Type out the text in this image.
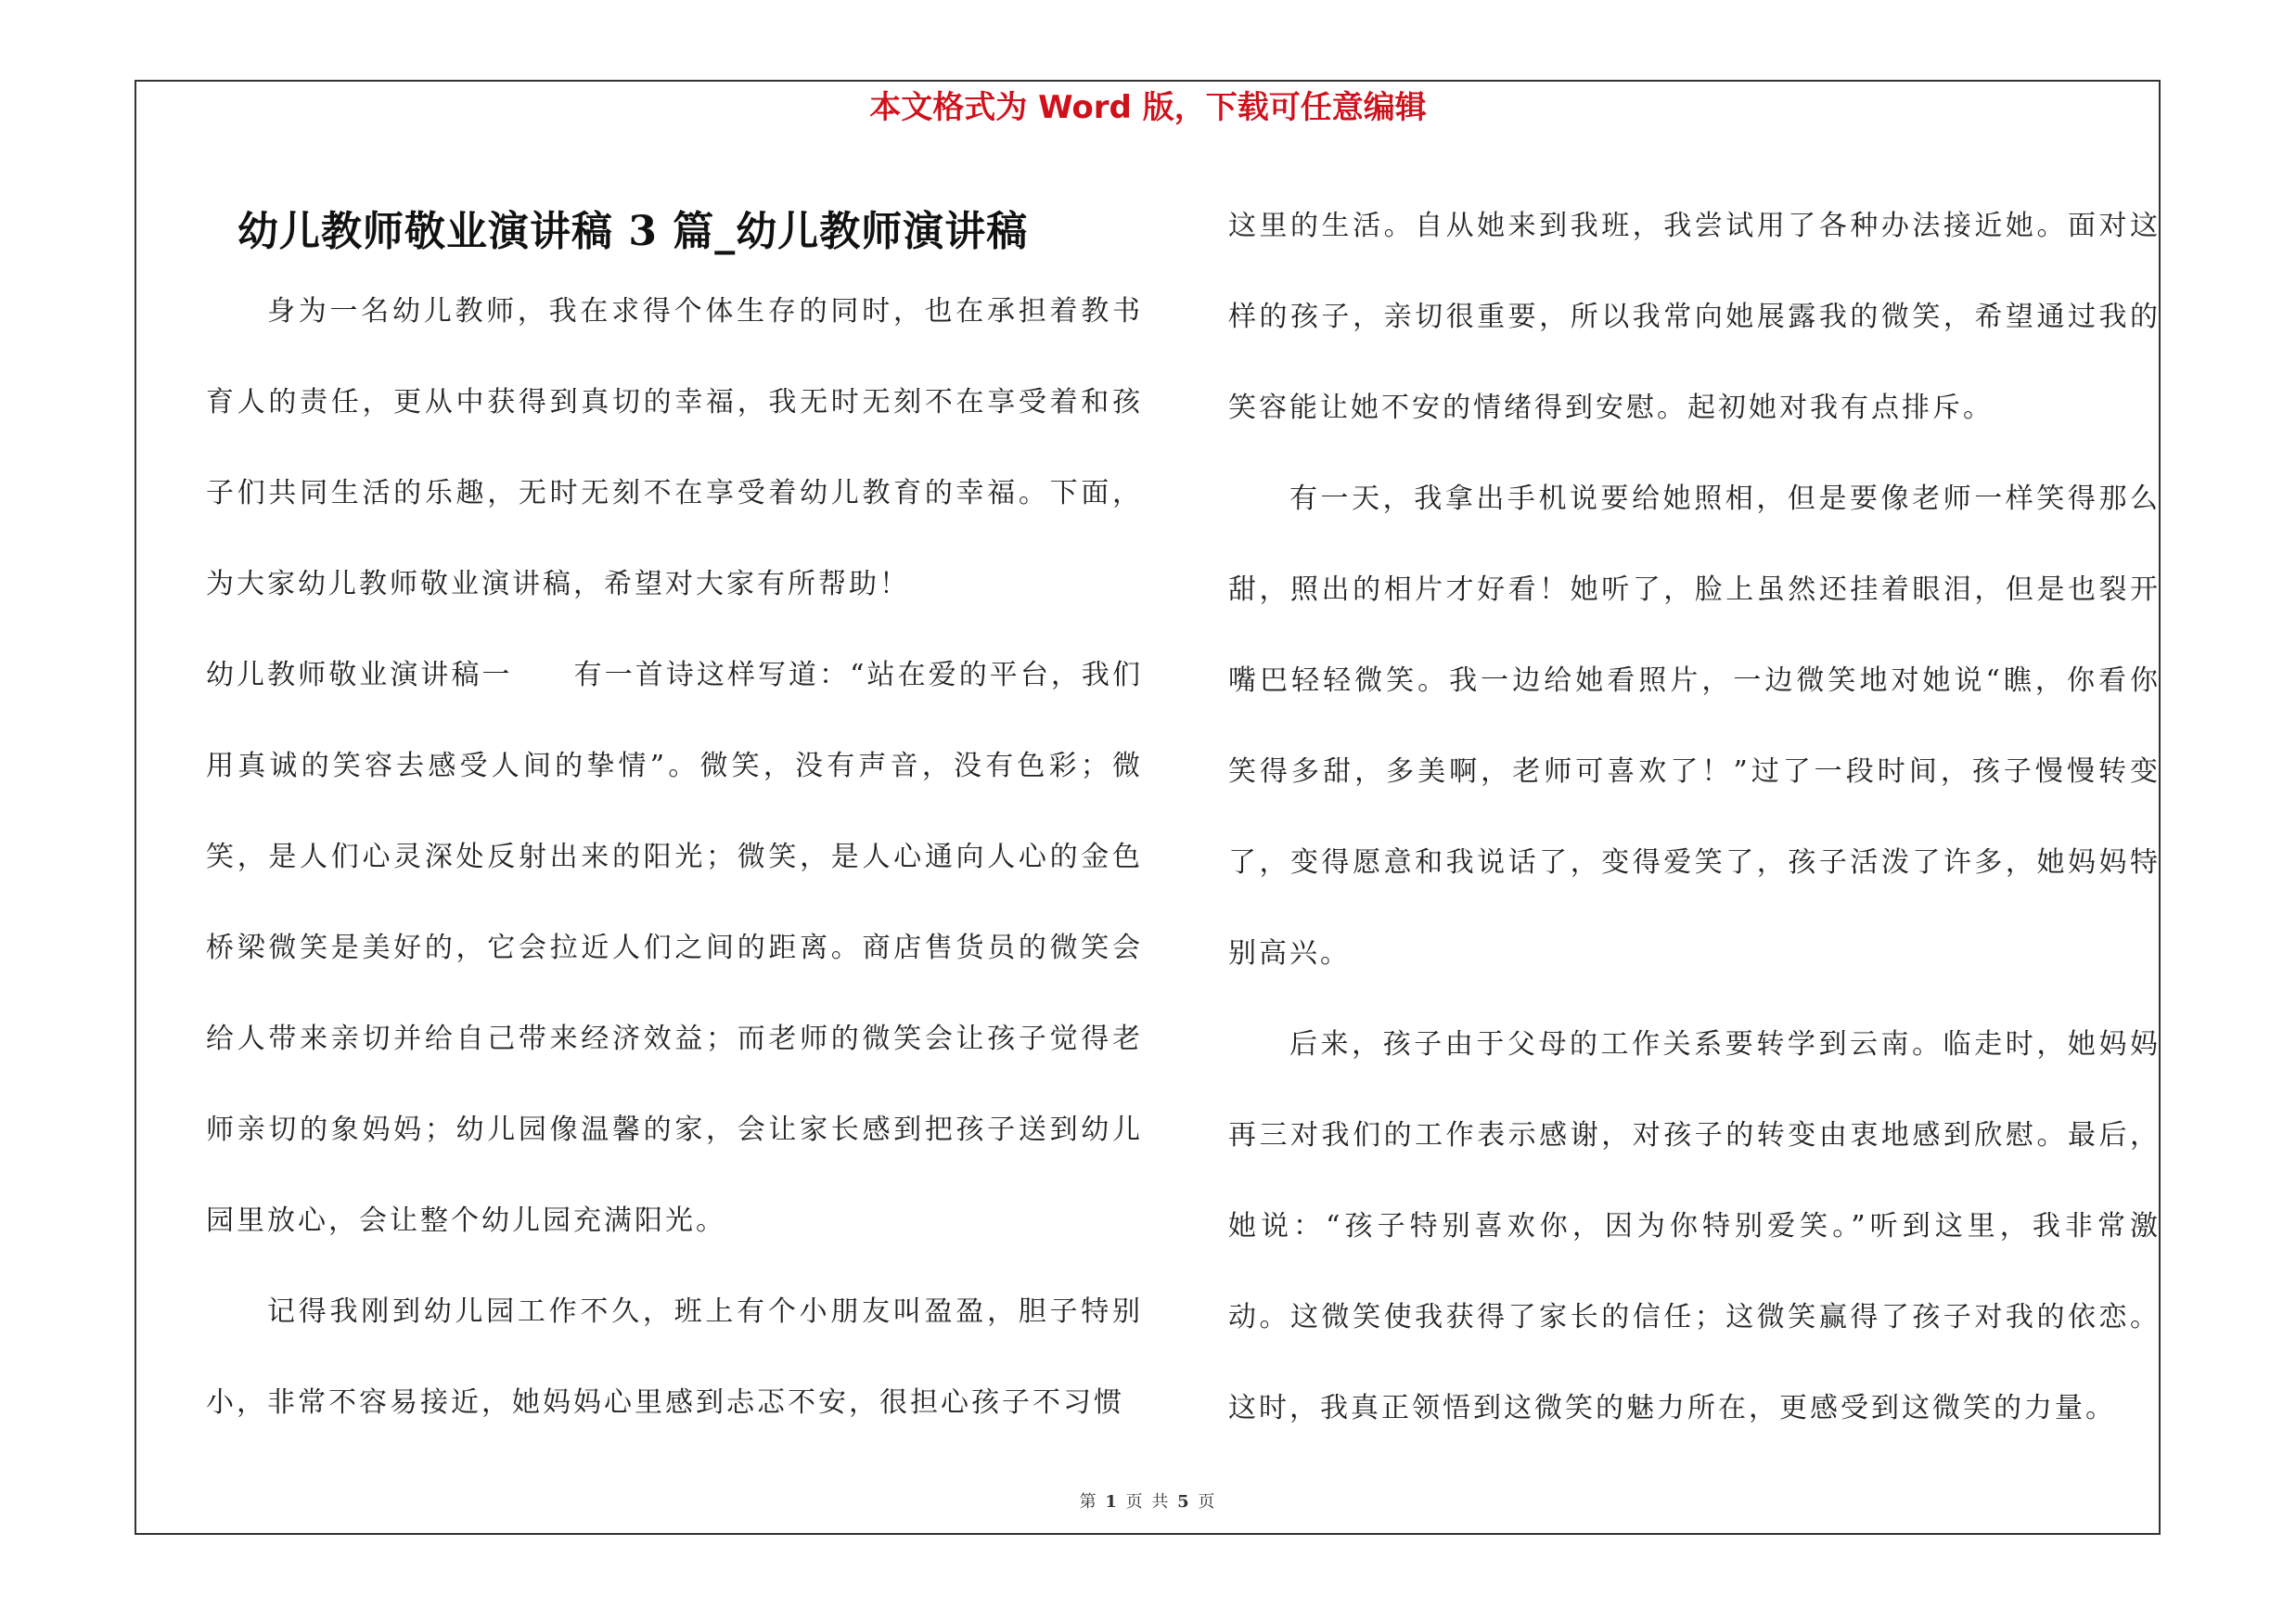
本文格式为 Word 版，下载可任意编辑
幼儿教师敬业演讲稿 3 篇_幼儿教师演讲稿

身为一名幼儿教师，我在求得个体生存的同时，也在承担着教书育人的责任，更从中获得到真切的幸福，我无时无刻不在享受着和孩子们共同生活的乐趣，无时无刻不在享受着幼儿教育的幸福。下面，为大家幼儿教师敬业演讲稿，希望对大家有所帮助！

幼儿教师敬业演讲稿一　　有一首诗这样写道：“站在爱的平台，我们用真诚的笑容去感受人间的挚情”。微笑，没有声音，没有色彩；微笑，是人们心灵深处反射出来的阳光；微笑，是人心通向人心的金色桥梁微笑是美好的，它会拉近人们之间的距离。商店售货员的微笑会给人带来亲切并给自己带来经济效益；而老师的微笑会让孩子觉得老师亲切的象妈妈；幼儿园像温馨的家，会让家长感到把孩子送到幼儿园里放心，会让整个幼儿园充满阳光。

记得我刚到幼儿园工作不久，班上有个小朋友叫盈盈，胆子特别小，非常不容易接近，她妈妈心里感到忐忑不安，很担心孩子不习惯

这里的生活。自从她来到我班，我尝试用了各种办法接近她。面对这样的孩子，亲切很重要，所以我常向她展露我的微笑，希望通过我的笑容能让她不安的情绪得到安慰。起初她对我有点排斥。

有一天，我拿出手机说要给她照相，但是要像老师一样笑得那么甜，照出的相片才好看！她听了，脸上虽然还挂着眼泪，但是也裂开嘴巴轻轻微笑。我一边给她看照片，一边微笑地对她说“瞧，你看你笑得多甜，多美啊，老师可喜欢了！”过了一段时间，孩子慢慢转变了，变得愿意和我说话了，变得爱笑了，孩子活泼了许多，她妈妈特别高兴。

后来，孩子由于父母的工作关系要转学到云南。临走时，她妈妈再三对我们的工作表示感谢，对孩子的转变由衷地感到欣慰。最后，她说：“孩子特别喜欢你，因为你特别爱笑。”听到这里，我非常激动。这微笑使我获得了家长的信任；这微笑赢得了孩子对我的依恋。这时，我真正领悟到这微笑的魅力所在，更感受到这微笑的力量。

第 1 页 共 5 页
